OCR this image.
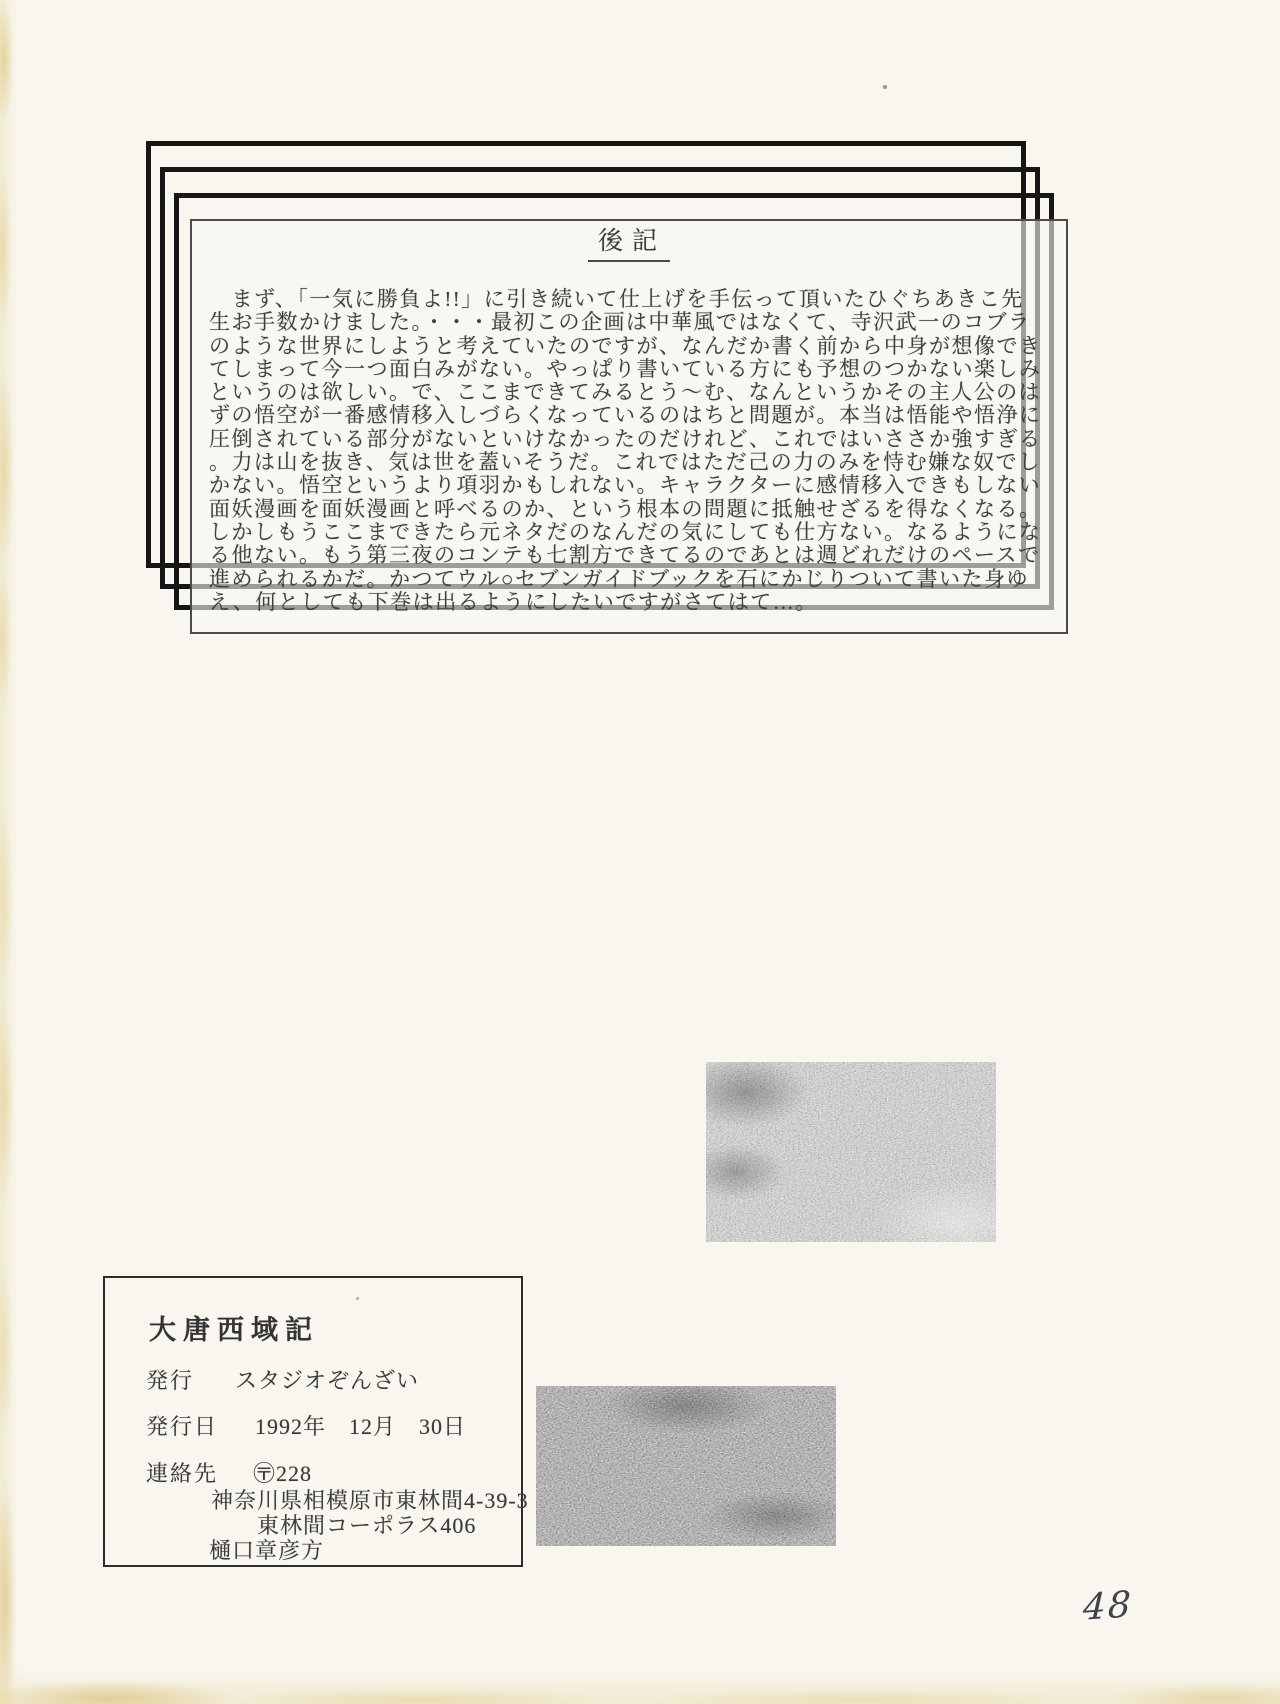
後記
　まず、「一気に勝負よ!!」に引き続いて仕上げを手伝って頂いたひぐちあきこ先
生お手数かけました。・・・最初この企画は中華風ではなくて、寺沢武一のコブラ
のような世界にしようと考えていたのですが、なんだか書く前から中身が想像でき
てしまって今一つ面白みがない。やっぱり書いている方にも予想のつかない楽しみ
というのは欲しい。で、ここまできてみるとう〜む、なんというかその主人公のは
ずの悟空が一番感情移入しづらくなっているのはちと問題が。本当は悟能や悟浄に
圧倒されている部分がないといけなかったのだけれど、これではいささか強すぎる
。力は山を抜き、気は世を蓋いそうだ。これではただ己の力のみを恃む嫌な奴でし
かない。悟空というより項羽かもしれない。キャラクターに感情移入できもしない
面妖漫画を面妖漫画と呼べるのか、という根本の問題に抵触せざるを得なくなる。
しかしもうここまできたら元ネタだのなんだの気にしても仕方ない。なるようにな
る他ない。もう第三夜のコンテも七割方できてるのであとは週どれだけのペースで
進められるかだ。かつてウル○セブンガイドブックを石にかじりついて書いた身ゆ
え、何としても下巻は出るようにしたいですがさてはて…。
大唐西域記
発行 スタジオぞんざい
発行日 1992年　12月　30日
連絡先 〶228
神奈川県相模原市東林間4-39-3
東林間コーポラス406
樋口章彦方
48
